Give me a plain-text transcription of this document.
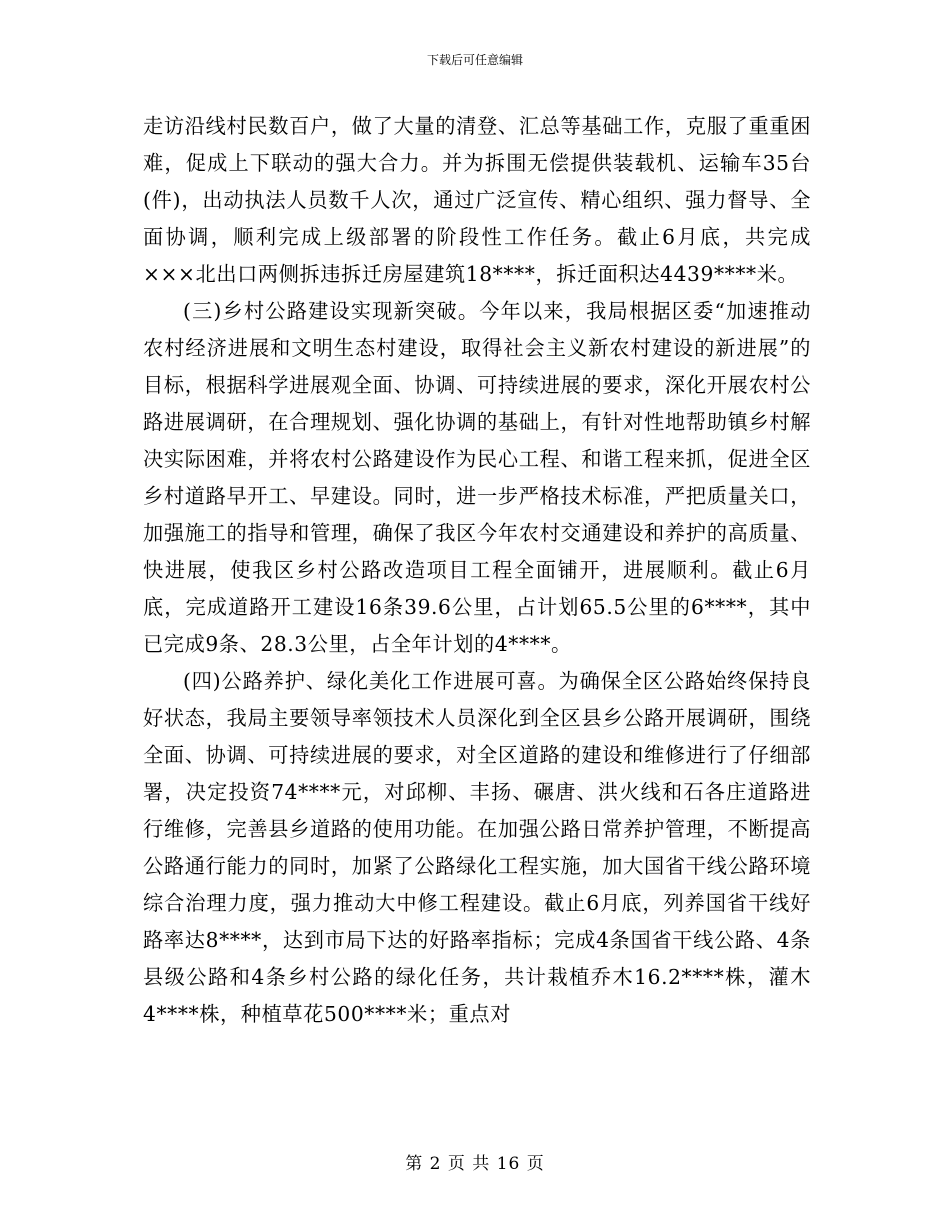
下载后可任意编辑

走访沿线村民数百户，做了大量的清登、汇总等基础工作，克服了重重困难，促成上下联动的强大合力。并为拆围无偿提供装载机、运输车35台(件)，出动执法人员数千人次，通过广泛宣传、精心组织、强力督导、全面协调，顺利完成上级部署的阶段性工作任务。截止6月底，共完成×××北出口两侧拆违拆迁房屋建筑18****，拆迁面积达4439****米。

(三)乡村公路建设实现新突破。今年以来，我局根据区委“加速推动农村经济进展和文明生态村建设，取得社会主义新农村建设的新进展”的目标，根据科学进展观全面、协调、可持续进展的要求，深化开展农村公路进展调研，在合理规划、强化协调的基础上，有针对性地帮助镇乡村解决实际困难，并将农村公路建设作为民心工程、和谐工程来抓，促进全区乡村道路早开工、早建设。同时，进一步严格技术标准，严把质量关口，加强施工的指导和管理，确保了我区今年农村交通建设和养护的高质量、快进展，使我区乡村公路改造项目工程全面铺开，进展顺利。截止6月底，完成道路开工建设16条39.6公里，占计划65.5公里的6****，其中已完成9条、28.3公里，占全年计划的4****。

(四)公路养护、绿化美化工作进展可喜。为确保全区公路始终保持良好状态，我局主要领导率领技术人员深化到全区县乡公路开展调研，围绕全面、协调、可持续进展的要求，对全区道路的建设和维修进行了仔细部署，决定投资74****元，对邱柳、丰扬、碾唐、洪火线和石各庄道路进行维修，完善县乡道路的使用功能。在加强公路日常养护管理，不断提高公路通行能力的同时，加紧了公路绿化工程实施，加大国省干线公路环境综合治理力度，强力推动大中修工程建设。截止6月底，列养国省干线好路率达8****，达到市局下达的好路率指标；完成4条国省干线公路、4条县级公路和4条乡村公路的绿化任务，共计栽植乔木16.2****株，灌木4****株，种植草花500****米；重点对

第 2 页 共 16 页
